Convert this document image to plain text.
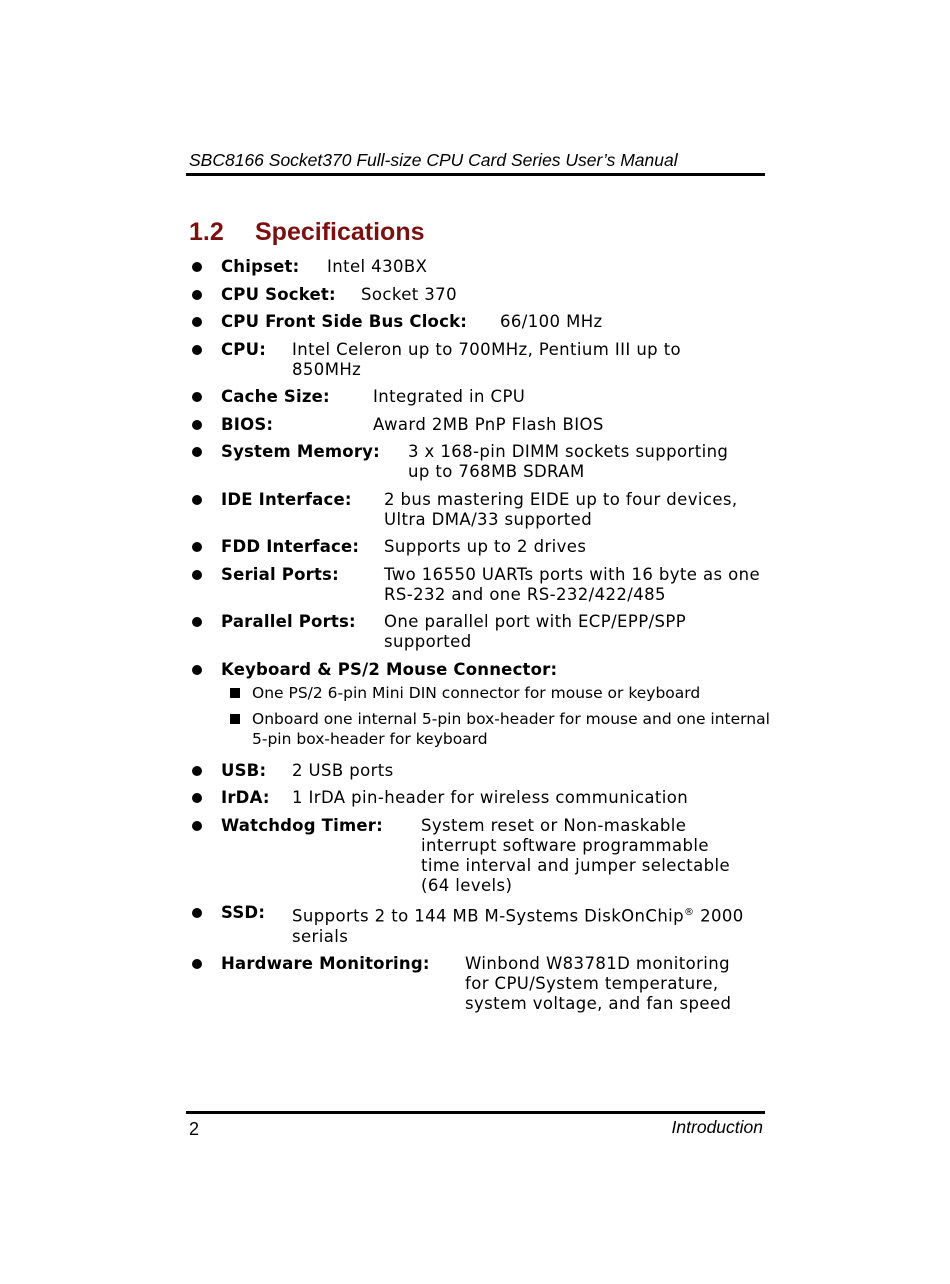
SBC8166 Socket370 Full-size CPU Card Series User’s Manual
1.2 Specifications
Chipset:	Intel 430BX
CPU Socket:	Socket 370
CPU Front Side Bus Clock:	66/100 MHz
CPU:	Intel Celeron up to 700MHz, Pentium III up to 850MHz
Cache Size:	Integrated in CPU
BIOS:	Award 2MB PnP Flash BIOS
System Memory:	3 x 168-pin DIMM sockets supporting up to 768MB SDRAM
IDE Interface:	2 bus mastering EIDE up to four devices, Ultra DMA/33 supported
FDD Interface:	Supports up to 2 drives
Serial Ports:	Two 16550 UARTs ports with 16 byte as one RS-232 and one RS-232/422/485
Parallel Ports:	One parallel port with ECP/EPP/SPP supported
Keyboard & PS/2 Mouse Connector:
One PS/2 6-pin Mini DIN connector for mouse or keyboard
Onboard one internal 5-pin box-header for mouse and one internal 5-pin box-header for keyboard
USB:	2 USB ports
IrDA:	1 IrDA pin-header for wireless communication
Watchdog Timer:	System reset or Non-maskable interrupt software programmable time interval and jumper selectable (64 levels)
SSD:	Supports 2 to 144 MB M-Systems DiskOnChip® 2000 serials
Hardware Monitoring:	Winbond W83781D monitoring for CPU/System temperature, system voltage, and fan speed
2	Introduction
